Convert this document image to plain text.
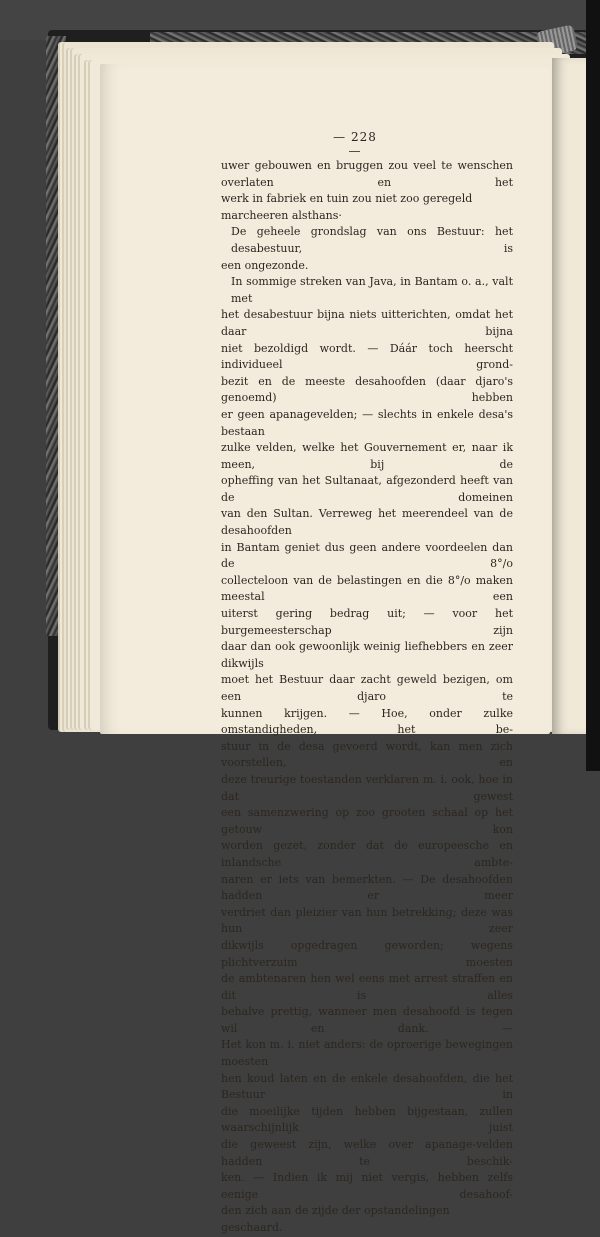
— 228 —
uwer gebouwen en bruggen zou veel te wenschen overlaten en het
werk in fabriek en tuin zou niet zoo geregeld marcheeren alsthans·
De geheele grondslag van ons Bestuur: het desabestuur, is
een ongezonde.
In sommige streken van Java, in Bantam o. a., valt met
het desabestuur bijna niets uitterichten, omdat het daar bijna
niet bezoldigd wordt. — Dáár toch heerscht individueel grond-
bezit en de meeste desahoofden (daar djaro's genoemd) hebben
er geen apanagevelden; — slechts in enkele desa's bestaan
zulke velden, welke het Gouvernement er, naar ik meen, bij de
opheffing van het Sultanaat, afgezonderd heeft van de domeinen
van den Sultan. Verreweg het meerendeel van de desahoofden
in Bantam geniet dus geen andere voordeelen dan de 8°/o
collecteloon van de belastingen en die 8°/o maken meestal een
uiterst gering bedrag uit; — voor het burgemeesterschap zijn
daar dan ook gewoonlijk weinig liefhebbers en zeer dikwijls
moet het Bestuur daar zacht geweld bezigen, om een djaro te
kunnen krijgen. — Hoe, onder zulke omstandigheden, het be-
stuur in de desa gevoerd wordt, kan men zich voorstellen, en
deze treurige toestanden verklaren m. i. ook, hoe in dat gewest
een samenzwering op zoo grooten schaal op het getouw kon
worden gezet, zonder dat de europeesche en inlandsche ambte-
naren er iets van bemerkten. — De desahoofden hadden er meer
verdriet dan pleizier van hun betrekking; deze was hun zeer
dikwijls opgedragen geworden; wegens plichtverzuim moesten
de ambtenaren hen wel eens met arrest straffen en dit is alles
behalve prettig, wanneer men desahoofd is tegen wil en dank. —
Het kon m. i. niet anders: de oproerige bewegingen moesten
hen koud laten en de enkele desahoofden, die het Bestuur in
die moeilijke tijden hebben bijgestaan, zullen waarschijnlijk juist
die geweest zijn, welke over apanage-velden hadden te beschik-
ken. — Indien ik mij niet vergis, hebben zelfs eenige desahoof-
den zich aan de zijde der opstandelingen geschaard.
